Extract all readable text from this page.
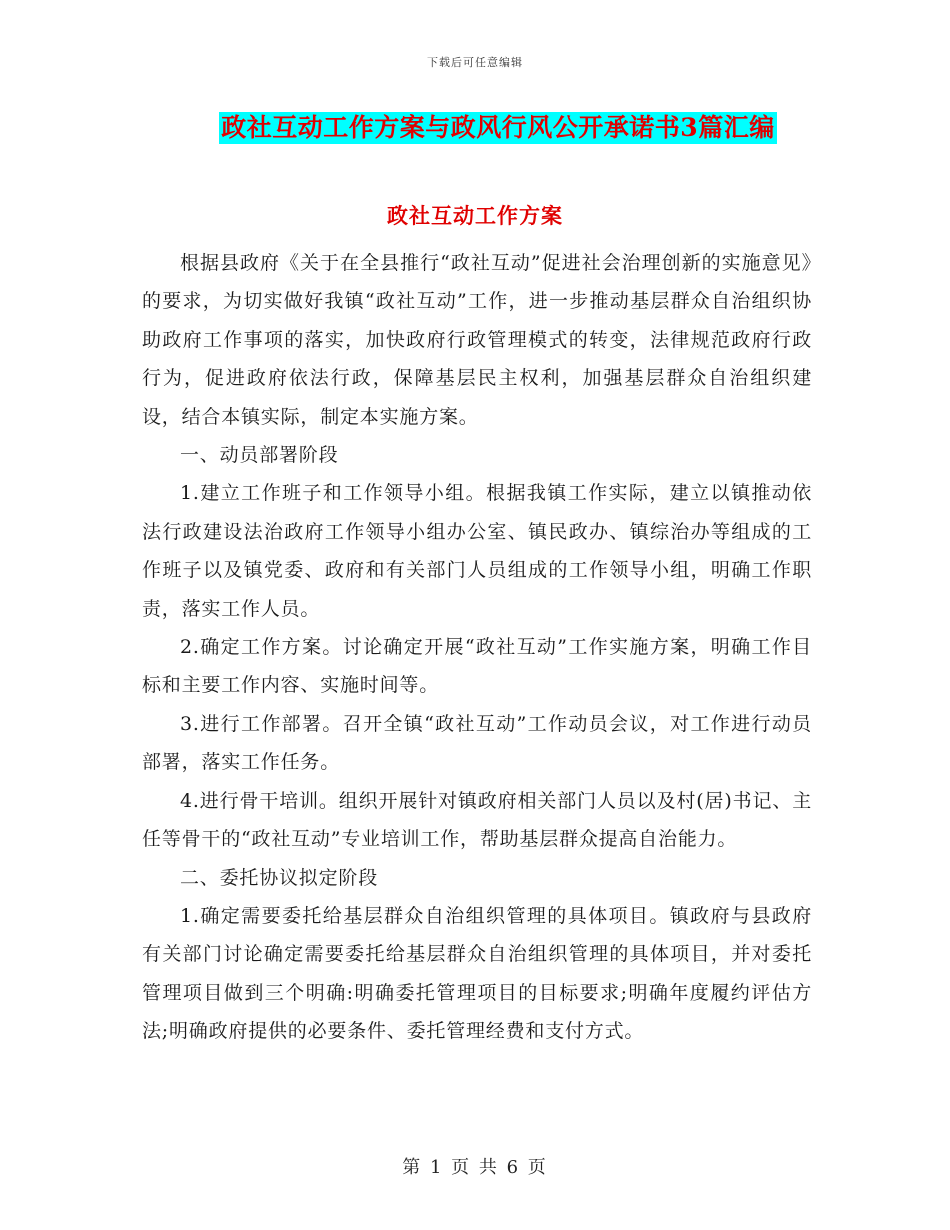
下载后可任意编辑
政社互动工作方案与政风行风公开承诺书3篇汇编
政社互动工作方案

根据县政府《关于在全县推行“政社互动”促进社会治理创新的实施意见》的要求，为切实做好我镇“政社互动”工作，进一步推动基层群众自治组织协助政府工作事项的落实，加快政府行政管理模式的转变，法律规范政府行政行为，促进政府依法行政，保障基层民主权利，加强基层群众自治组织建设，结合本镇实际，制定本实施方案。

一、动员部署阶段

1.建立工作班子和工作领导小组。根据我镇工作实际，建立以镇推动依法行政建设法治政府工作领导小组办公室、镇民政办、镇综治办等组成的工作班子以及镇党委、政府和有关部门人员组成的工作领导小组，明确工作职责，落实工作人员。

2.确定工作方案。讨论确定开展“政社互动”工作实施方案，明确工作目标和主要工作内容、实施时间等。

3.进行工作部署。召开全镇“政社互动”工作动员会议，对工作进行动员部署，落实工作任务。

4.进行骨干培训。组织开展针对镇政府相关部门人员以及村(居)书记、主任等骨干的“政社互动”专业培训工作，帮助基层群众提高自治能力。

二、委托协议拟定阶段

1.确定需要委托给基层群众自治组织管理的具体项目。镇政府与县政府有关部门讨论确定需要委托给基层群众自治组织管理的具体项目，并对委托管理项目做到三个明确:明确委托管理项目的目标要求;明确年度履约评估方法;明确政府提供的必要条件、委托管理经费和支付方式。

第 1 页 共 6 页
